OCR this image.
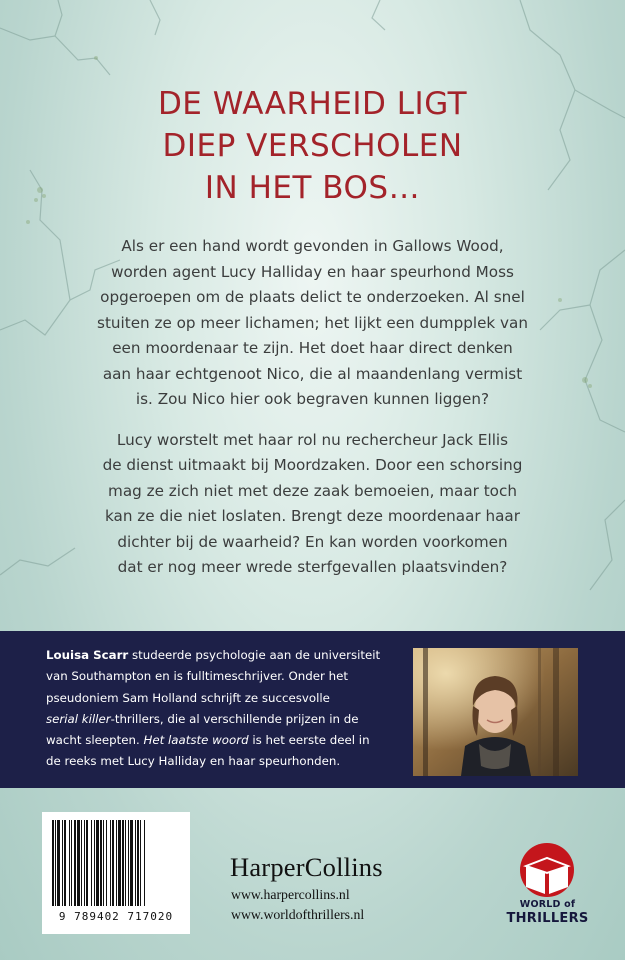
DE WAARHEID LIGT
DIEP VERSCHOLEN
IN HET BOS…

Als er een hand wordt gevonden in Gallows Wood,
worden agent Lucy Halliday en haar speurhond Moss
opgeroepen om de plaats delict te onderzoeken. Al snel
stuiten ze op meer lichamen; het lijkt een dumpplek van
een moordenaar te zijn. Het doet haar direct denken
aan haar echtgenoot Nico, die al maandenlang vermist
is. Zou Nico hier ook begraven kunnen liggen?

Lucy worstelt met haar rol nu rechercheur Jack Ellis
de dienst uitmaakt bij Moordzaken. Door een schorsing
mag ze zich niet met deze zaak bemoeien, maar toch
kan ze die niet loslaten. Brengt deze moordenaar haar
dichter bij de waarheid? En kan worden voorkomen
dat er nog meer wrede sterfgevallen plaatsvinden?

Louisa Scarr studeerde psychologie aan de universiteit
van Southampton en is fulltimeschrijver. Onder het
pseudoniem Sam Holland schrijft ze succesvolle
serial killer-thrillers, die al verschillende prijzen in de
wacht sleepten. Het laatste woord is het eerste deel in
de reeks met Lucy Halliday en haar speurhonden.
9 789402 717020
HarperCollins
www.harpercollins.nl
www.worldofthrillers.nl
WORLD of
THRILLERS
